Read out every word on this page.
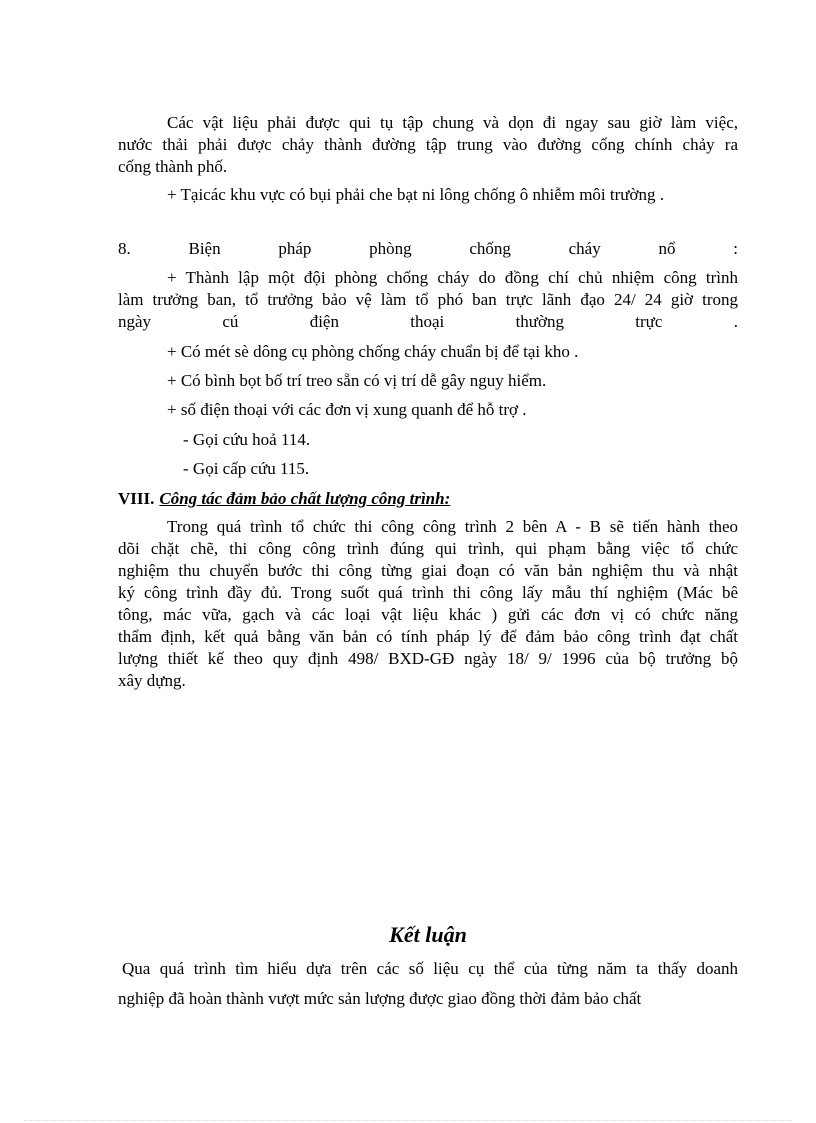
Các vật liệu phải được qui tụ tập chung và dọn đi ngay sau giờ làm việc,
nước thải phải được chảy thành đường tập trung vào đường cống chính chảy ra
cống thành phố.
+ Tạicác khu vực có bụi phải che bạt ni lông chống ô nhiễm môi trường .
8.	Biện	pháp	phòng	chống	cháy	nổ	:
+ Thành lập một đội phòng chống cháy do đồng chí chủ nhiệm công trình
làm trưởng ban, tổ trưởng bảo vệ làm tổ phó ban trực lãnh đạo 24/ 24 giờ trong
ngày cú điện thoại thường trực .
+ Có mét sè dông cụ phòng chống cháy chuẩn bị để tại kho .
+ Có bình bọt bố trí treo sẵn có vị trí dễ gây nguy hiểm.
+ số điện thoại với các đơn vị xung quanh để hỗ trợ .
- Gọi cứu hoả 114.
- Gọi cấp cứu 115.
VIII. Công tác đảm bảo chất lượng công trình:
Trong quá trình tổ chức thi công công trình 2 bên A - B sẽ tiến hành theo
dõi chặt chẽ, thi công công trình đúng qui trình, qui phạm bằng việc tổ chức
nghiệm thu chuyển bước thi công từng giai đoạn có văn bản nghiệm thu và nhật
ký công trình đầy đủ. Trong suốt quá trình thi công lấy mẫu thí nghiệm (Mác bê
tông, mác vữa, gạch và các loại vật liệu khác ) gửi các đơn vị có chức năng
thẩm định, kết quả bằng văn bản có tính pháp lý để đảm bảo công trình đạt chất
lượng thiết kế theo quy định 498/ BXD-GĐ ngày 18/ 9/ 1996 của bộ trưởng bộ
xây dựng.
Kết luận
Qua quá trình tìm hiểu dựa trên các số liệu cụ thể của từng năm ta thấy doanh
nghiệp đã hoàn thành vượt mức sản lượng được giao đồng thời đảm bảo chất
